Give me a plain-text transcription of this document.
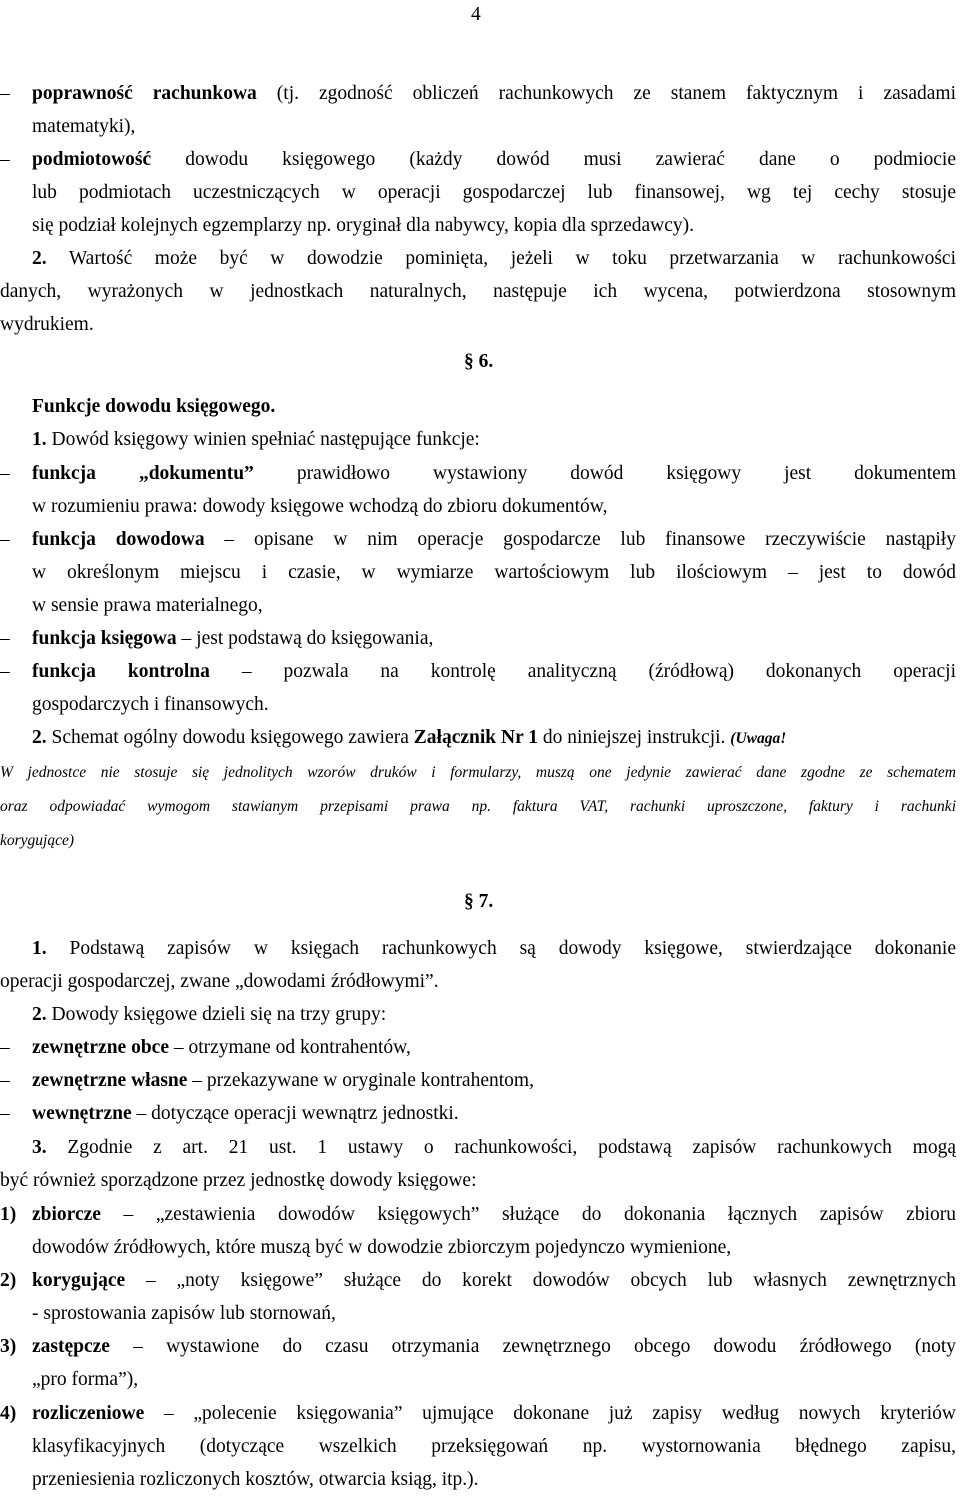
4
– poprawność rachunkowa (tj. zgodność obliczeń rachunkowych ze stanem faktycznym i zasadami
matematyki),
– podmiotowość dowodu księgowego (każdy dowód musi zawierać dane o podmiocie
lub podmiotach uczestniczących w operacji gospodarczej lub finansowej, wg tej cechy stosuje
się podział kolejnych egzemplarzy np. oryginał dla nabywcy, kopia dla sprzedawcy).
2. Wartość może być w dowodzie pominięta, jeżeli w toku przetwarzania w rachunkowości
danych, wyrażonych w jednostkach naturalnych, następuje ich wycena, potwierdzona stosownym
wydrukiem.
§ 6.
Funkcje dowodu księgowego.
1. Dowód księgowy winien spełniać następujące funkcje:
– funkcja „dokumentu” prawidłowo wystawiony dowód księgowy jest dokumentem
w rozumieniu prawa: dowody księgowe wchodzą do zbioru dokumentów,
– funkcja dowodowa – opisane w nim operacje gospodarcze lub finansowe rzeczywiście nastąpiły
w określonym miejscu i czasie, w wymiarze wartościowym lub ilościowym – jest to dowód
w sensie prawa materialnego,
– funkcja księgowa – jest podstawą do księgowania,
– funkcja kontrolna – pozwala na kontrolę analityczną (źródłową) dokonanych operacji
gospodarczych i finansowych.
2. Schemat ogólny dowodu księgowego zawiera Załącznik Nr 1 do niniejszej instrukcji. (Uwaga!
W jednostce nie stosuje się jednolitych wzorów druków i formularzy, muszą one jedynie zawierać dane zgodne ze schematem
oraz odpowiadać wymogom stawianym przepisami prawa np. faktura VAT, rachunki uproszczone, faktury i rachunki
korygujące)
§ 7.
1. Podstawą zapisów w księgach rachunkowych są dowody księgowe, stwierdzające dokonanie
operacji gospodarczej, zwane „dowodami źródłowymi”.
2. Dowody księgowe dzieli się na trzy grupy:
– zewnętrzne obce – otrzymane od kontrahentów,
– zewnętrzne własne – przekazywane w oryginale kontrahentom,
– wewnętrzne – dotyczące operacji wewnątrz jednostki.
3. Zgodnie z art. 21 ust. 1 ustawy o rachunkowości, podstawą zapisów rachunkowych mogą
być również sporządzone przez jednostkę dowody księgowe:
1) zbiorcze – „zestawienia dowodów księgowych” służące do dokonania łącznych zapisów zbioru
dowodów źródłowych, które muszą być w dowodzie zbiorczym pojedynczo wymienione,
2) korygujące – „noty księgowe” służące do korekt dowodów obcych lub własnych zewnętrznych
- sprostowania zapisów lub stornowań,
3) zastępcze – wystawione do czasu otrzymania zewnętrznego obcego dowodu źródłowego (noty
„pro forma”),
4) rozliczeniowe – „polecenie księgowania” ujmujące dokonane już zapisy według nowych kryteriów
klasyfikacyjnych (dotyczące wszelkich przeksięgowań np. wystornowania błędnego zapisu,
przeniesienia rozliczonych kosztów, otwarcia ksiąg, itp.).
